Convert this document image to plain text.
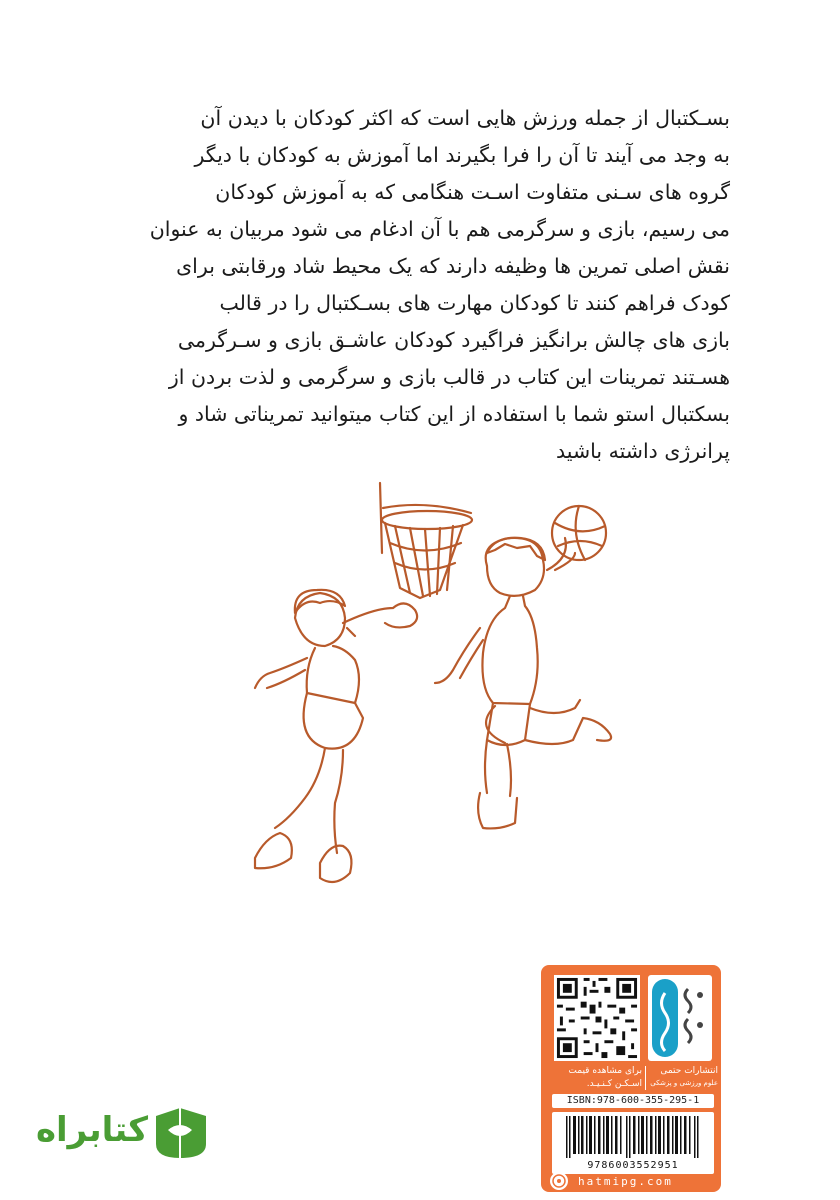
بسـکتبال از جمله ورزش هایی است که اکثر کودکان با دیدن آن
به وجد می آیند تا آن را فرا بگیرند اما آموزش به کودکان با دیگر
گروه های سـنی متفاوت اسـت هنگامی که به آموزش کودکان
می رسیم، بازی و سرگرمی هم با آن ادغام می شود مربیان به عنوان
نقش اصلی تمرین ها وظیفه دارند که یک محیط شاد ورقابتی برای
کودک فراهم کنند تا کودکان مهارت های بسـکتبال را در قالب
بازی های چالش برانگیز فراگیرد کودکان عاشـق بازی و سـرگرمی
هسـتند تمرینات این کتاب در قالب بازی و سرگرمی و لذت بردن از
بسکتبال استو شما با استفاده از این کتاب میتوانید تمریناتی شاد و
پرانرژی داشته باشید
انتشارات حتمی
علوم ورزشی و پزشکی
برای مشاهده قیمت
اسـکـن کـنـیـد.
ISBN:978-600-355-295-1
9786003552951
hatmipg.com
کتابراه
